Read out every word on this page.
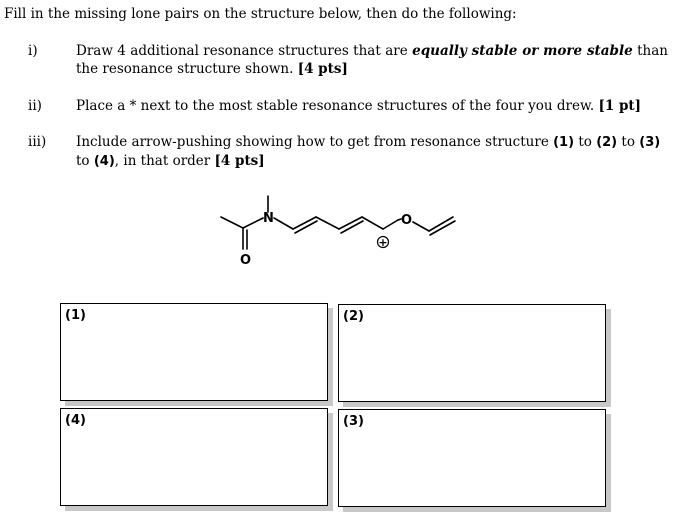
Fill in the missing lone pairs on the structure below, then do the following:
i)	Draw 4 additional resonance structures that are equally stable or more stable than the resonance structure shown. [4 pts]
ii)	Place a * next to the most stable resonance structures of the four you drew. [1 pt]
iii) Include arrow-pushing showing how to get from resonance structure (1) to (2) to (3) to (4), in that order [4 pts]
N
O
O
+
(1)	(2)
(4)	(3)
